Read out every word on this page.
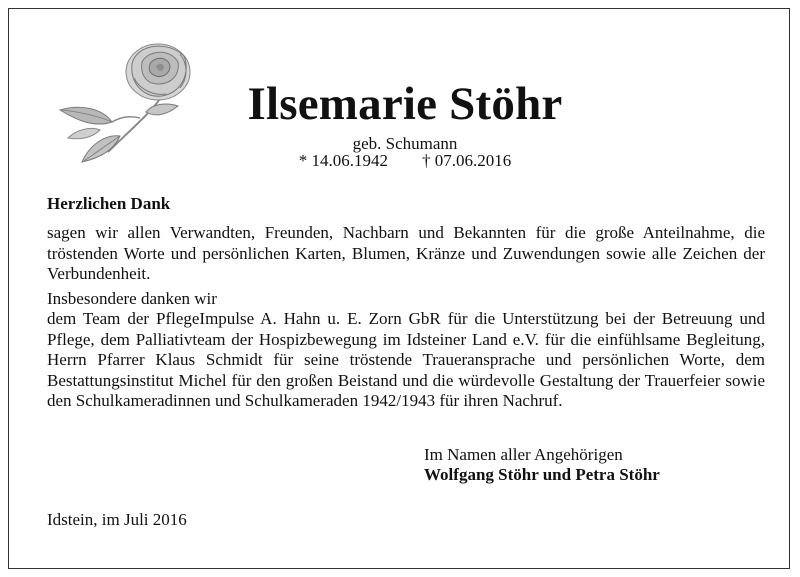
Ilsemarie Stöhr
geb. Schumann
* 14.06.1942 † 07.06.2016
Herzlichen Dank
sagen wir allen Verwandten, Freunden, Nachbarn und Bekannten für die große Anteilnahme, die tröstenden Worte und persönlichen Karten, Blumen, Kränze und Zuwendungen sowie alle Zeichen der Verbundenheit.
Insbesondere danken wir
dem Team der PflegeImpulse A. Hahn u. E. Zorn GbR für die Unterstützung bei der Betreuung und Pflege, dem Palliativteam der Hospizbewegung im Idsteiner Land e.V. für die einfühlsame Begleitung, Herrn Pfarrer Klaus Schmidt für seine tröstende Traueransprache und persönlichen Worte, dem Bestattungsinstitut Michel für den großen Beistand und die würdevolle Gestaltung der Trauerfeier sowie den Schulkameradinnen und Schulkameraden 1942/1943 für ihren Nachruf.
Im Namen aller Angehörigen
Wolfgang Stöhr und Petra Stöhr
Idstein, im Juli 2016
